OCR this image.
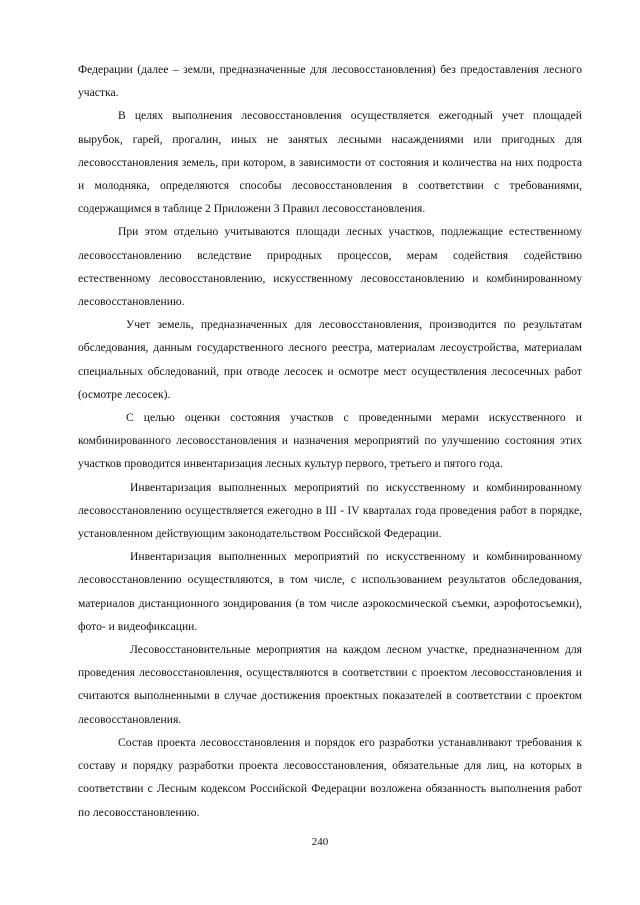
Федерации (далее – земли, предназначенные для лесовосстановления) без предоставления лесного участка.

В целях выполнения лесовосстановления осуществляется ежегодный учет площадей вырубок, гарей, прогалин, иных не занятых лесными насаждениями или пригодных для лесовосстановления земель, при котором, в зависимости от состояния и количества на них подроста и молодняка, определяются способы лесовосстановления в соответствии с требованиями, содержащимся в таблице 2 Приложени 3 Правил лесовосстановления.

При этом отдельно учитываются площади лесных участков, подлежащие естественному лесовосстановлению вследствие природных процессов, мерам содействия содействию естественному лесовосстановлению, искусственному лесовосстановлению и комбинированному лесовосстановлению.

Учет земель, предназначенных для лесовосстановления, производится по результатам обследования, данным государственного лесного реестра, материалам лесоустройства, материалам специальных обследований, при отводе лесосек и осмотре мест осуществления лесосечных работ (осмотре лесосек).

С целью оценки состояния участков с проведенными мерами искусственного и комбинированного лесовосстановления и назначения мероприятий по улучшению состояния этих участков проводится инвентаризация лесных культур первого, третьего и пятого года.

Инвентаризация выполненных мероприятий по искусственному и комбинированному лесовосстановлению осуществляется ежегодно в III - IV кварталах года проведения работ в порядке, установленном действующим законодательством Российской Федерации.

Инвентаризация выполненных мероприятий по искусственному и комбинированному лесовосстановлению осуществляются, в том числе, с использованием результатов обследования, материалов дистанционного зондирования (в том числе аэрокосмической съемки, аэрофотосъемки), фото- и видеофиксации.

Лесовосстановительные мероприятия на каждом лесном участке, предназначенном для проведения лесовосстановления, осуществляются в соответствии с проектом лесовосстановления и считаются выполненными в случае достижения проектных показателей в соответствии с проектом лесовосстановления.

Состав проекта лесовосстановления и порядок его разработки устанавливают требования к составу и порядку разработки проекта лесовосстановления, обязательные для лиц, на которых в соответствии с Лесным кодексом Российской Федерации возложена обязанность выполнения работ по лесовосстановлению.

240
